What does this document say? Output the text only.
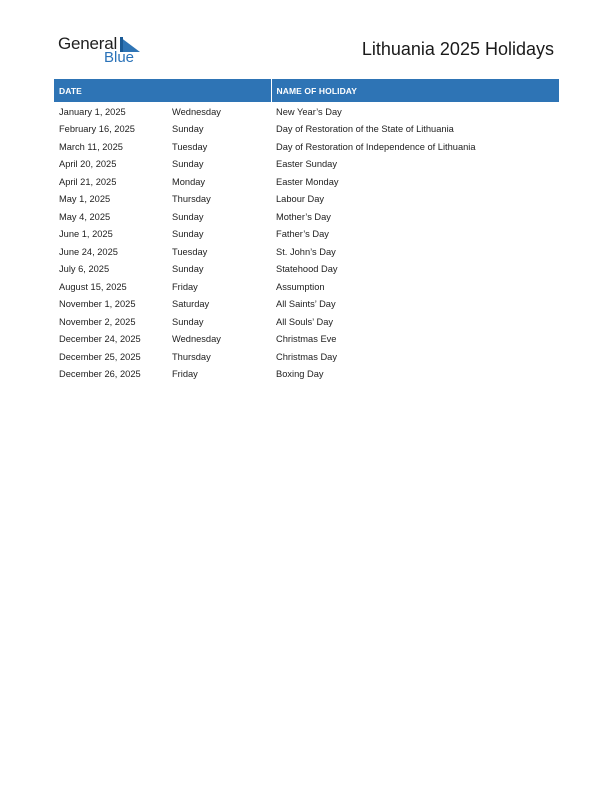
General
Blue	Lithuania 2025 Holidays
DATE		NAME OF HOLIDAY
January 1, 2025	Wednesday	New Year’s Day
February 16, 2025	Sunday	Day of Restoration of the State of Lithuania
March 11, 2025	Tuesday	Day of Restoration of Independence of Lithuania
April 20, 2025	Sunday	Easter Sunday
April 21, 2025	Monday	Easter Monday
May 1, 2025	Thursday	Labour Day
May 4, 2025	Sunday	Mother’s Day
June 1, 2025	Sunday	Father’s Day
June 24, 2025	Tuesday	St. John’s Day
July 6, 2025	Sunday	Statehood Day
August 15, 2025	Friday	Assumption
November 1, 2025	Saturday	All Saints’ Day
November 2, 2025	Sunday	All Souls’ Day
December 24, 2025	Wednesday	Christmas Eve
December 25, 2025	Thursday	Christmas Day
December 26, 2025	Friday	Boxing Day
